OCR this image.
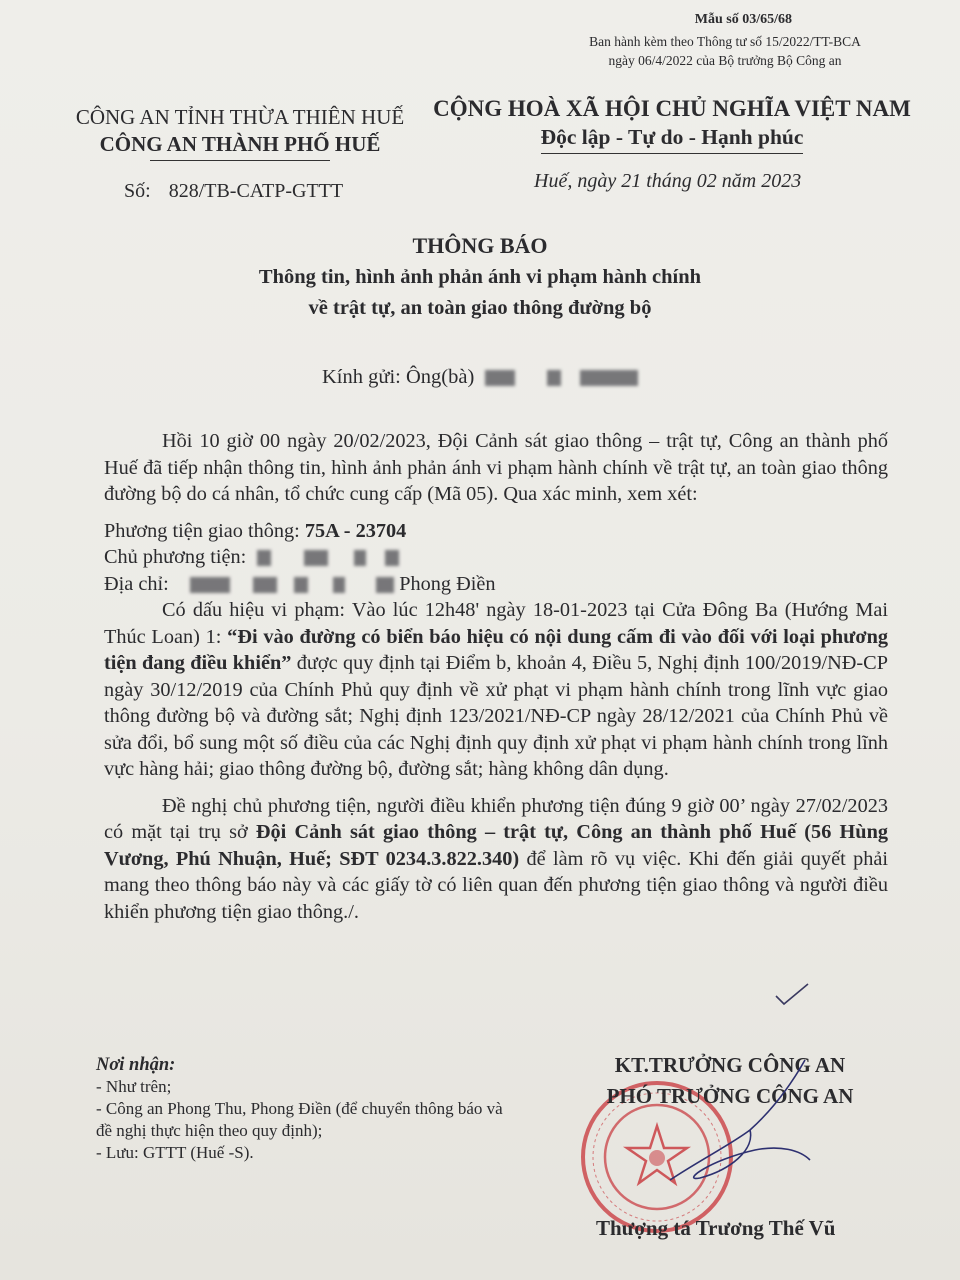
Mẫu số 03/65/68
Ban hành kèm theo Thông tư số 15/2022/TT-BCA
ngày 06/4/2022 của Bộ trưởng Bộ Công an
CÔNG AN TỈNH THỪA THIÊN HUẾ
CÔNG AN THÀNH PHỐ HUẾ
CỘNG HOÀ XÃ HỘI CHỦ NGHĨA VIỆT NAM
Độc lập - Tự do - Hạnh phúc
Số: 828/TB-CATP-GTTT	Huế, ngày 21 tháng 02 năm 2023
THÔNG BÁO
Thông tin, hình ảnh phản ánh vi phạm hành chính
về trật tự, an toàn giao thông đường bộ
Kính gửi: Ông(bà)

Hồi 10 giờ 00 ngày 20/02/2023, Đội Cảnh sát giao thông – trật tự, Công an thành phố Huế đã tiếp nhận thông tin, hình ảnh phản ánh vi phạm hành chính về trật tự, an toàn giao thông đường bộ do cá nhân, tổ chức cung cấp (Mã 05). Qua xác minh, xem xét:

Phương tiện giao thông: 75A - 23704

Chủ phương tiện:

Địa chỉ:	Phong Điền

Có dấu hiệu vi phạm: Vào lúc 12h48' ngày 18-01-2023 tại Cửa Đông Ba (Hướng Mai Thúc Loan) 1: “Đi vào đường có biển báo hiệu có nội dung cấm đi vào đối với loại phương tiện đang điều khiển” được quy định tại Điểm b, khoản 4, Điều 5, Nghị định 100/2019/NĐ-CP ngày 30/12/2019 của Chính Phủ quy định về xử phạt vi phạm hành chính trong lĩnh vực giao thông đường bộ và đường sắt; Nghị định 123/2021/NĐ-CP ngày 28/12/2021 của Chính Phủ về sửa đổi, bổ sung một số điều của các Nghị định quy định xử phạt vi phạm hành chính trong lĩnh vực hàng hải; giao thông đường bộ, đường sắt; hàng không dân dụng.

Đề nghị chủ phương tiện, người điều khiển phương tiện đúng 9 giờ 00’ ngày 27/02/2023 có mặt tại trụ sở Đội Cảnh sát giao thông – trật tự, Công an thành phố Huế (56 Hùng Vương, Phú Nhuận, Huế; SĐT 0234.3.822.340) để làm rõ vụ việc. Khi đến giải quyết phải mang theo thông báo này và các giấy tờ có liên quan đến phương tiện giao thông và người điều khiển phương tiện giao thông./.

Nơi nhận:
- Như trên;
- Công an Phong Thu, Phong Điền (để chuyển thông báo và đề nghị thực hiện theo quy định);
- Lưu: GTTT (Huế -S).
KT.TRƯỞNG CÔNG AN
PHÓ TRƯỞNG CÔNG AN
Thượng tá Trương Thế Vũ
